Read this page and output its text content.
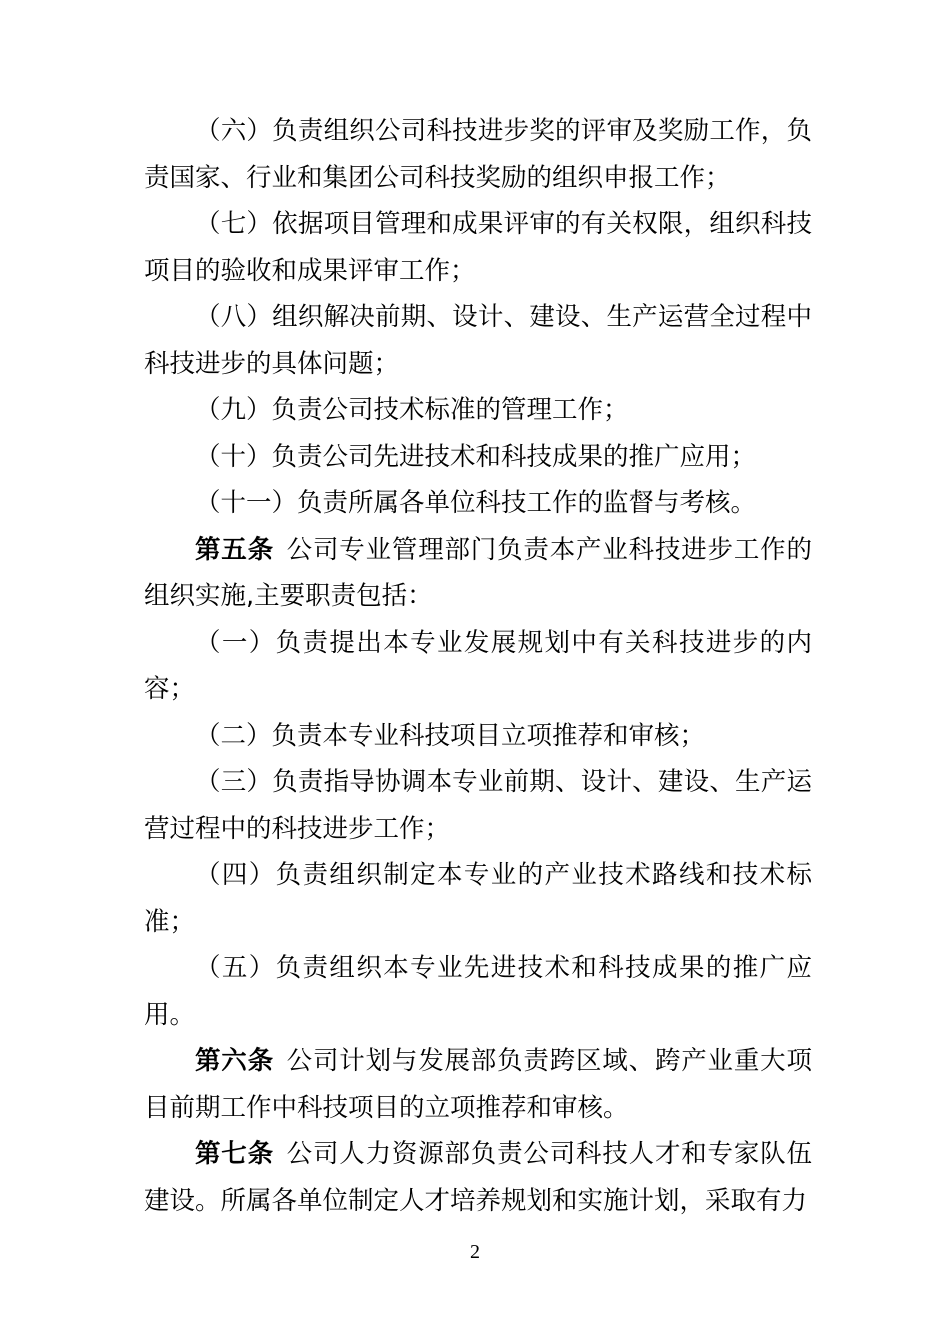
（六）负责组织公司科技进步奖的评审及奖励工作，负责国家、行业和集团公司科技奖励的组织申报工作；

（七）依据项目管理和成果评审的有关权限，组织科技项目的验收和成果评审工作；

（八）组织解决前期、设计、建设、生产运营全过程中科技进步的具体问题；

（九）负责公司技术标准的管理工作；

（十）负责公司先进技术和科技成果的推广应用；

（十一）负责所属各单位科技工作的监督与考核。

第五条 公司专业管理部门负责本产业科技进步工作的组织实施,主要职责包括：

（一）负责提出本专业发展规划中有关科技进步的内容；

（二）负责本专业科技项目立项推荐和审核；

（三）负责指导协调本专业前期、设计、建设、生产运营过程中的科技进步工作；

（四）负责组织制定本专业的产业技术路线和技术标准；

（五）负责组织本专业先进技术和科技成果的推广应用。

第六条 公司计划与发展部负责跨区域、跨产业重大项目前期工作中科技项目的立项推荐和审核。

第七条 公司人力资源部负责公司科技人才和专家队伍建设。所属各单位制定人才培养规划和实施计划，采取有力

2
